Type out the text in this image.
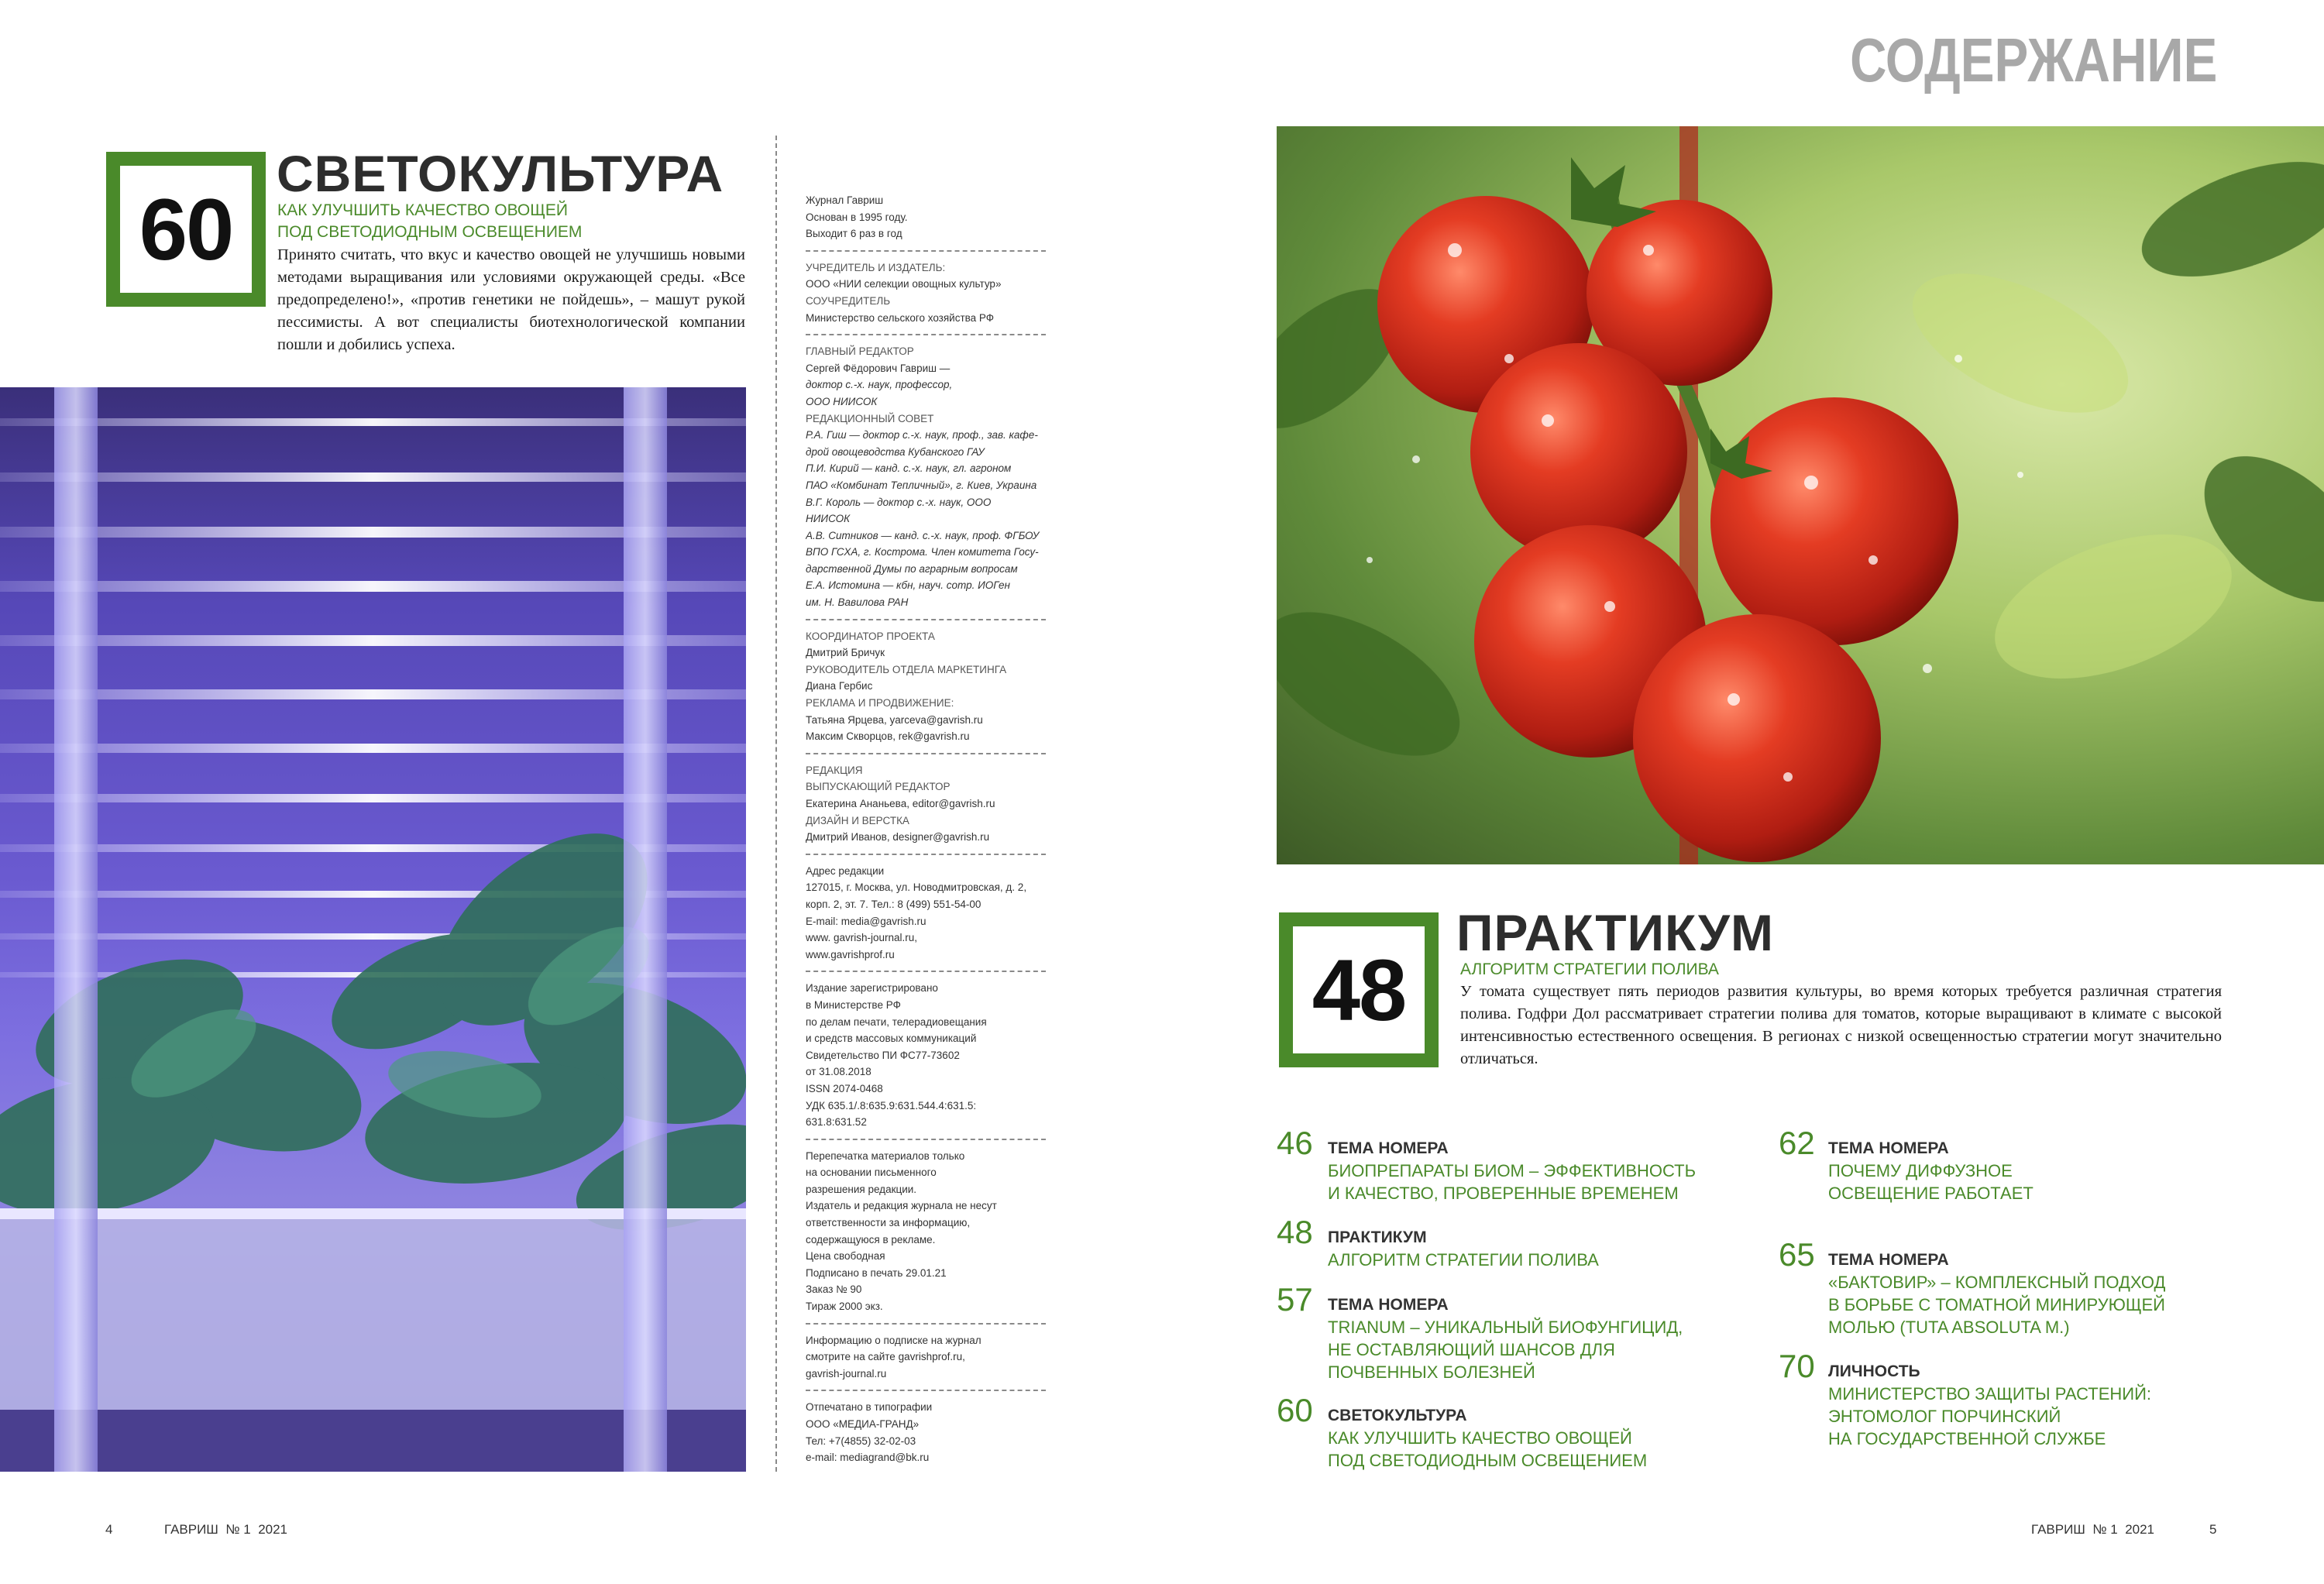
60
СВЕТОКУЛЬТУРА
КАК УЛУЧШИТЬ КАЧЕСТВО ОВОЩЕЙ
ПОД СВЕТОДИОДНЫМ ОСВЕЩЕНИЕМ
Принято считать, что вкус и качество овощей не улучшишь новыми методами выращивания или условиями окружающей среды. «Все предопределено!», «против генетики не пойдешь», – машут рукой пессимисты. А вот специалисты биотехнологической компании пошли и добились успеха.
Журнал Гавриш
Основан в 1995 году.
Выходит 6 раз в год
УЧРЕДИТЕЛЬ И ИЗДАТЕЛЬ:
ООО «НИИ селекции овощных культур»
СОУЧРЕДИТЕЛЬ
Министерство сельского хозяйства РФ
ГЛАВНЫЙ РЕДАКТОР
Сергей Фёдорович Гавриш —
доктор с.-х. наук, профессор,
ООО НИИСОК
РЕДАКЦИОННЫЙ СОВЕТ
Р.А. Гиш — доктор с.-х. наук, проф., зав. кафе-
дрой овощеводства Кубанского ГАУ
П.И. Кирий — канд. с.-х. наук, гл. агроном
ПАО «Комбинат Тепличный», г. Киев, Украина
В.Г. Король — доктор с.-х. наук, ООО
НИИСОК
А.В. Ситников — канд. с.-х. наук, проф. ФГБОУ
ВПО ГСХА, г. Кострома. Член комитета Госу-
дарственной Думы по аграрным вопросам
Е.А. Истомина — кбн, науч. сотр. ИОГен
им. Н. Вавилова РАН
КООРДИНАТОР ПРОЕКТА
Дмитрий Бричук
РУКОВОДИТЕЛЬ ОТДЕЛА МАРКЕТИНГА
Диана Гербис
РЕКЛАМА И ПРОДВИЖЕНИЕ:
Татьяна Ярцева, yarceva@gavrish.ru
Максим Скворцов, rek@gavrish.ru
РЕДАКЦИЯ
ВЫПУСКАЮЩИЙ РЕДАКТОР
Екатерина Ананьева, editor@gavrish.ru
ДИЗАЙН И ВЕРСТКА
Дмитрий Иванов, designer@gavrish.ru
Адрес редакции
127015, г. Москва, ул. Новодмитровская, д. 2,
корп. 2, эт. 7. Тел.: 8 (499) 551-54-00
E-mail: media@gavrish.ru
www. gavrish-journal.ru,
www.gavrishprof.ru
Издание зарегистрировано
в Министерстве РФ
по делам печати, телерадиовещания
и средств массовых коммуникаций
Свидетельство ПИ ФС77-73602
от 31.08.2018
ISSN 2074-0468
УДК 635.1/.8:635.9:631.544.4:631.5:
631.8:631.52
Перепечатка материалов только
на основании письменного
разрешения редакции.
Издатель и редакция журнала не несут
ответственности за информацию,
содержащуюся в рекламе.
Цена свободная
Подписано в печать 29.01.21
Заказ № 90
Тираж 2000 экз.
Информацию о подписке на журнал
смотрите на сайте gavrishprof.ru,
gavrish-journal.ru
Отпечатано в типографии
ООО «МЕДИА-ГРАНД»
Тел: +7(4855) 32-02-03
e-mail: mediagrand@bk.ru
СОДЕРЖАНИЕ
48
ПРАКТИКУМ
АЛГОРИТМ СТРАТЕГИИ ПОЛИВА
У томата существует пять периодов развития культуры, во время которых требуется различная стратегия полива. Годфри Дол рассматривает стратегии полива для томатов, которые выращивают в климате с высокой интенсивностью естественного освещения. В регионах с низкой освещенностью стратегии могут значительно отличаться.
46 ТЕМА НОМЕРА
БИОПРЕПАРАТЫ БИОМ – ЭФФЕКТИВНОСТЬ
И КАЧЕСТВО, ПРОВЕРЕННЫЕ ВРЕМЕНЕМ
48 ПРАКТИКУМ
АЛГОРИТМ СТРАТЕГИИ ПОЛИВА
57 ТЕМА НОМЕРА
TRIANUM – УНИКАЛЬНЫЙ БИОФУНГИЦИД,
НЕ ОСТАВЛЯЮЩИЙ ШАНСОВ ДЛЯ
ПОЧВЕННЫХ БОЛЕЗНЕЙ
60 СВЕТОКУЛЬТУРА
КАК УЛУЧШИТЬ КАЧЕСТВО ОВОЩЕЙ
ПОД СВЕТОДИОДНЫМ ОСВЕЩЕНИЕМ
62 ТЕМА НОМЕРА
ПОЧЕМУ ДИФФУЗНОЕ
ОСВЕЩЕНИЕ РАБОТАЕТ
65 ТЕМА НОМЕРА
«БАКТОВИР» – КОМПЛЕКСНЫЙ ПОДХОД
В БОРЬБЕ С ТОМАТНОЙ МИНИРУЮЩЕЙ
МОЛЬЮ (TUTA ABSOLUTA M.)
70 ЛИЧНОСТЬ
МИНИСТЕРСТВО ЗАЩИТЫ РАСТЕНИЙ:
ЭНТОМОЛОГ ПОРЧИНСКИЙ
НА ГОСУДАРСТВЕННОЙ СЛУЖБЕ
4	ГАВРИШ  № 1  2021	ГАВРИШ  № 1  2021	5
